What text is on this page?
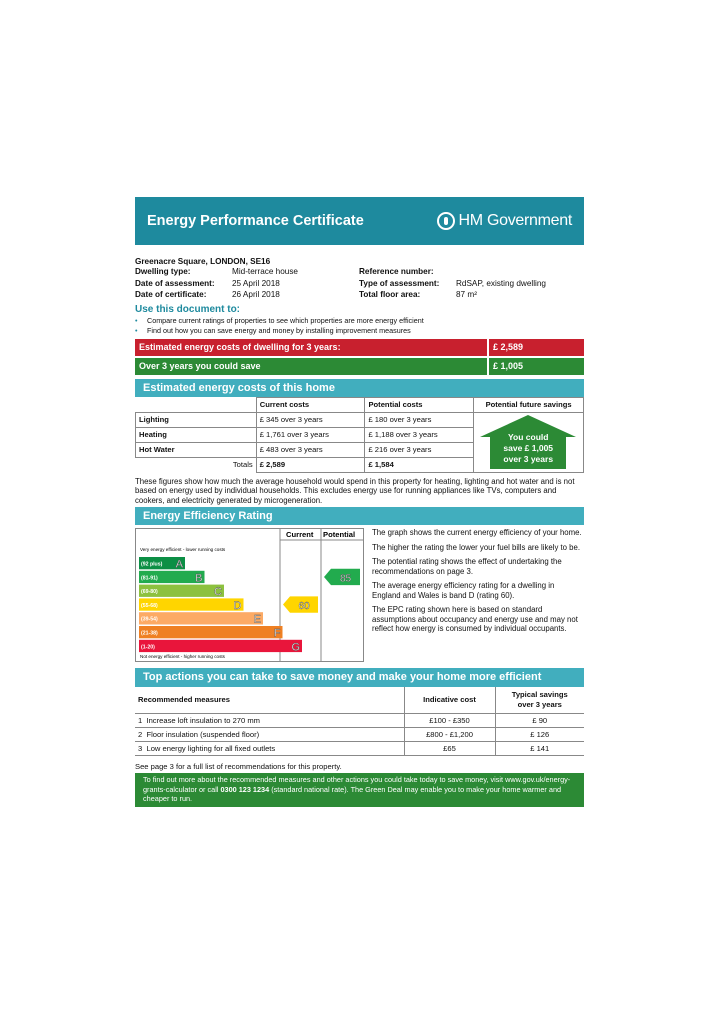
Energy Performance Certificate	HM Government
Greenacre Square, LONDON, SE16
Dwelling type:	Mid-terrace house	Reference number:
Date of assessment:	25 April 2018	Type of assessment:	RdSAP, existing dwelling
Date of certificate:	26 April 2018	Total floor area:	87 m²
Use this document to:
• Compare current ratings of properties to see which properties are more energy efficient
• Find out how you can save energy and money by installing improvement measures
Estimated energy costs of dwelling for 3 years:	£ 2,589
Over 3 years you could save	£ 1,005
Estimated energy costs of this home
	Current costs	Potential costs	Potential future savings
Lighting	£ 345 over 3 years	£ 180 over 3 years	You could
save £ 1,005
over 3 years

Heating	£ 1,761 over 3 years	£ 1,188 over 3 years	
Hot Water	£ 483 over 3 years	£ 216 over 3 years	
Totals	£ 2,589	£ 1,584	
These figures show how much the average household would spend in this property for heating, lighting and hot water and is not based on energy used by individual households. This excludes energy use for running appliances like TVs, computers and cookers, and electricity generated by microgeneration.
Energy Efficiency Rating
Current Potential
Very energy efficient - lower running costs
Not energy efficient - higher running costs
(92 plus) A
(81-91)	B
(69-80)	C
(55-68)	D
(39-54)	E
(21-38)	F
(1-20)	G
60
85

The graph shows the current energy efficiency of your home.

The higher the rating the lower your fuel bills are likely to be.

The potential rating shows the effect of undertaking the recommendations on page 3.

The average energy efficiency rating for a dwelling in England and Wales is band D (rating 60).

The EPC rating shown here is based on standard assumptions about occupancy and energy use and may not reflect how energy is consumed by individual occupants.

Top actions you can take to save money and make your home more efficient
Recommended measures	Indicative cost	Typical savings
over 3 years

1 Increase loft insulation to 270 mm	£100 - £350	£ 90
2 Floor insulation (suspended floor)	£800 - £1,200	£ 126
3 Low energy lighting for all fixed outlets	£65	£ 141
See page 3 for a full list of recommendations for this property.
To find out more about the recommended measures and other actions you could take today to save money, visit www.gov.uk/energy-grants-calculator or call 0300 123 1234 (standard national rate). The Green Deal may enable you to make your home warmer and cheaper to run.
